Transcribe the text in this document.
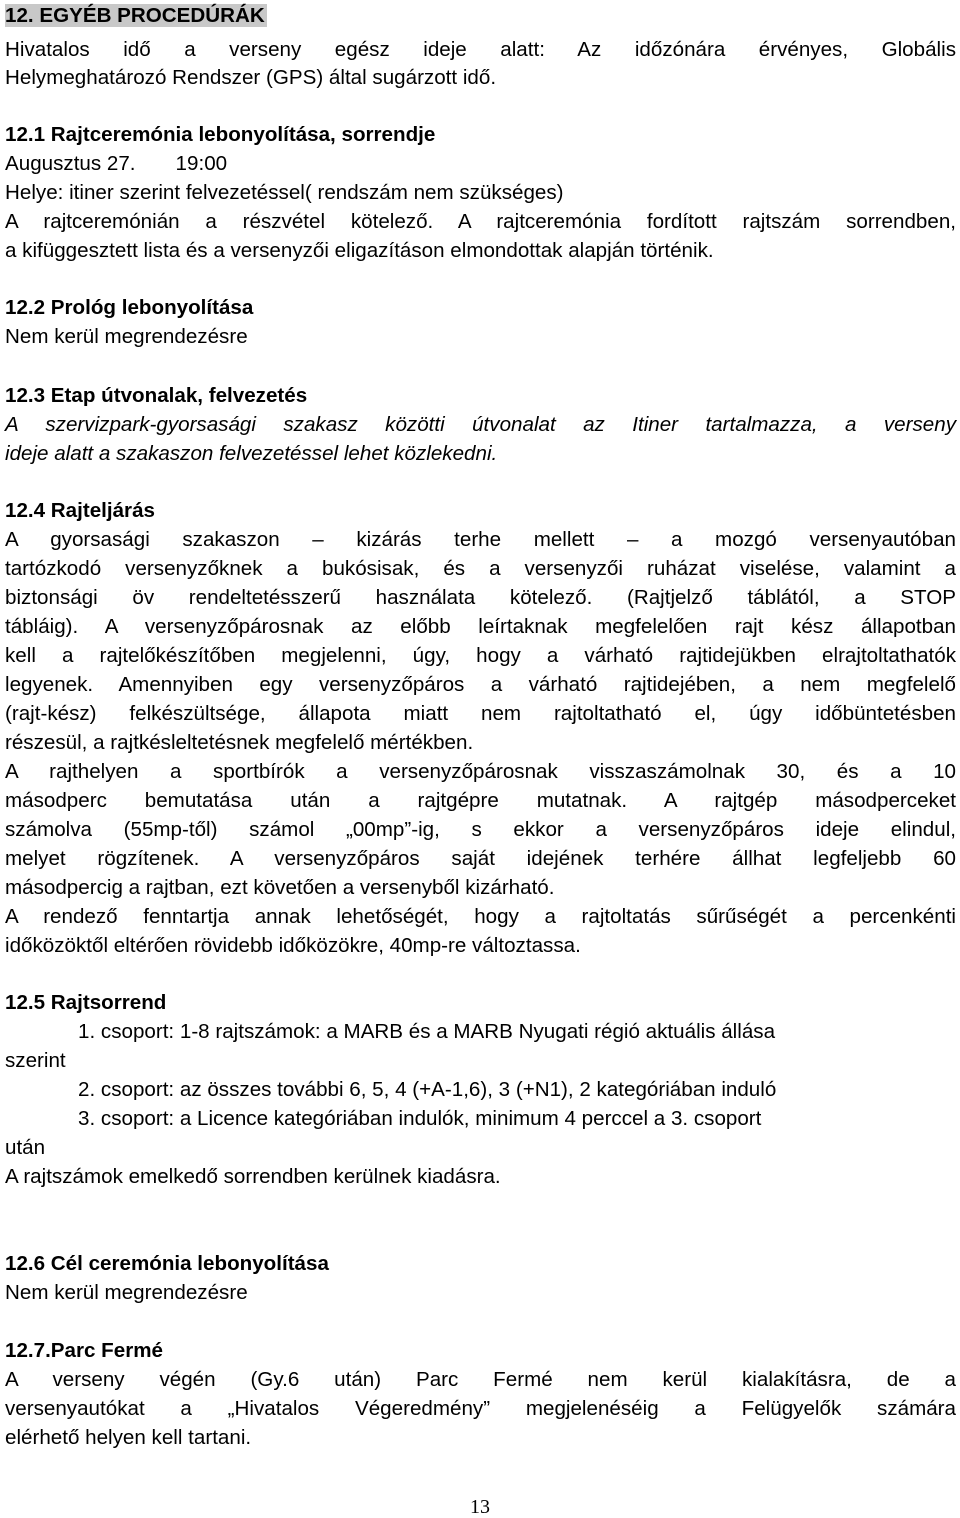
12. EGYÉB PROCEDÚRÁK
Hivatalos idő a verseny egész ideje alatt: Az időzónára érvényes, Globális
Helymeghatározó Rendszer (GPS) által sugárzott idő.
12.1 Rajtceremónia lebonyolítása, sorrendje
Augusztus 27.       19:00
Helye: itiner szerint felvezetéssel( rendszám nem szükséges)
A rajtceremónián a részvétel kötelező. A rajtceremónia fordított rajtszám sorrendben,
a kifüggesztett lista és a versenyzői eligazításon elmondottak alapján történik.
12.2 Prológ lebonyolítása
Nem kerül megrendezésre
12.3 Etap útvonalak, felvezetés
A szervizpark-gyorsasági szakasz közötti útvonalat az Itiner tartalmazza, a verseny
ideje alatt a szakaszon felvezetéssel lehet közlekedni.
12.4 Rajteljárás
A gyorsasági szakaszon – kizárás terhe mellett – a mozgó versenyautóban
tartózkodó versenyzőknek a bukósisak, és a versenyzői ruházat viselése, valamint a
biztonsági öv rendeltetésszerű használata kötelező. (Rajtjelző táblától, a STOP
tábláig). A versenyzőpárosnak az előbb leírtaknak megfelelően rajt kész állapotban
kell a rajtelőkészítőben megjelenni, úgy, hogy a várható rajtidejükben elrajtoltathatók
legyenek. Amennyiben egy versenyzőpáros a várható rajtidejében, a nem megfelelő
(rajt-kész) felkészültsége, állapota miatt nem rajtoltatható el, úgy időbüntetésben
részesül, a rajtkésleltetésnek megfelelő mértékben.
A rajthelyen a sportbírók a versenyzőpárosnak visszaszámolnak 30, és a 10
másodperc bemutatása után a rajtgépre mutatnak. A rajtgép másodperceket
számolva (55mp-től) számol „00mp”-ig, s ekkor a versenyzőpáros ideje elindul,
melyet rögzítenek. A versenyzőpáros saját idejének terhére állhat legfeljebb 60
másodpercig a rajtban, ezt követően a versenyből kizárható.
A rendező fenntartja annak lehetőségét, hogy a rajtoltatás sűrűségét a percenkénti
időközöktől eltérően rövidebb időközökre, 40mp-re változtassa.
12.5 Rajtsorrend
1. csoport: 1-8 rajtszámok: a MARB és a MARB Nyugati régió aktuális állása
szerint
2. csoport: az összes további 6, 5, 4 (+A-1,6), 3 (+N1), 2 kategóriában induló
3. csoport: a Licence kategóriában indulók, minimum 4 perccel a 3. csoport
után
A rajtszámok emelkedő sorrendben kerülnek kiadásra.
12.6 Cél ceremónia lebonyolítása
Nem kerül megrendezésre
12.7.Parc Fermé
A verseny végén (Gy.6 után) Parc Fermé nem kerül kialakításra, de a
versenyautókat a „Hivatalos Végeredmény” megjelenéséig a Felügyelők számára
elérhető helyen kell tartani.
13
